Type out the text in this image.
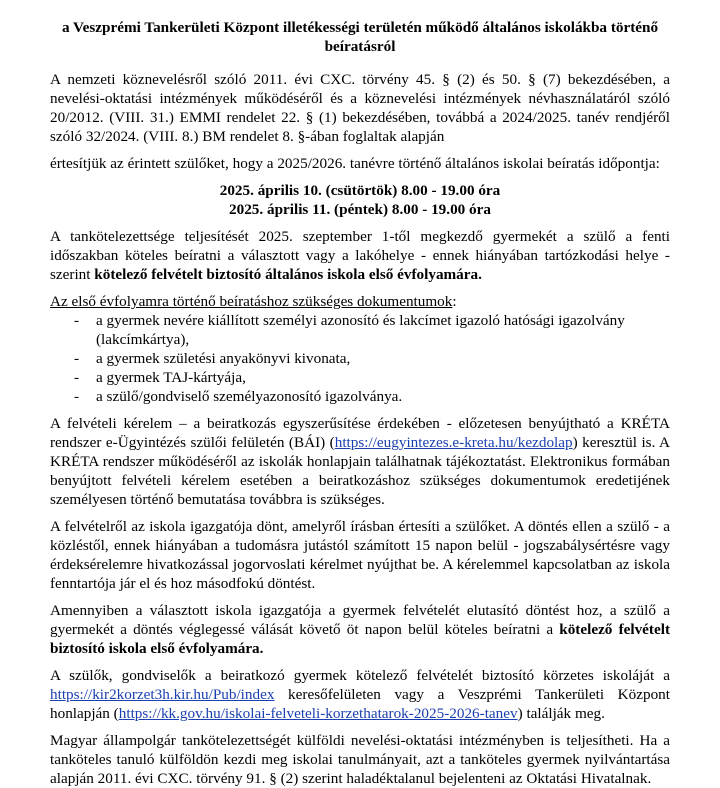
a Veszprémi Tankerületi Központ illetékességi területén működő általános iskolákba történő beíratásról

A nemzeti köznevelésről szóló 2011. évi CXC. törvény 45. § (2) és 50. § (7) bekezdésében, a nevelési-oktatási intézmények működéséről és a köznevelési intézmények névhasználatáról szóló 20/2012. (VIII. 31.) EMMI rendelet 22. § (1) bekezdésében, továbbá a 2024/2025. tanév rendjéről szóló 32/2024. (VIII. 8.) BM rendelet 8. §-ában foglaltak alapján

értesítjük az érintett szülőket, hogy a 2025/2026. tanévre történő általános iskolai beíratás időpontja:

2025. április 10. (csütörtök) 8.00 - 19.00 óra
2025. április 11. (péntek) 8.00 - 19.00 óra

A tankötelezettsége teljesítését 2025. szeptember 1-től megkezdő gyermekét a szülő a fenti időszakban köteles beíratni a választott vagy a lakóhelye - ennek hiányában tartózkodási helye - szerint kötelező felvételt biztosító általános iskola első évfolyamára.

Az első évfolyamra történő beíratáshoz szükséges dokumentumok:
- a gyermek nevére kiállított személyi azonosító és lakcímet igazoló hatósági igazolvány (lakcímkártya),
- a gyermek születési anyakönyvi kivonata,
- a gyermek TAJ-kártyája,
- a szülő/gondviselő személyazonosító igazolványa.

A felvételi kérelem – a beiratkozás egyszerűsítése érdekében - előzetesen benyújtható a KRÉTA rendszer e-Ügyintézés szülői felületén (BÁI) (https://eugyintezes.e-kreta.hu/kezdolap) keresztül is. A KRÉTA rendszer működéséről az iskolák honlapjain találhatnak tájékoztatást. Elektronikus formában benyújtott felvételi kérelem esetében a beiratkozáshoz szükséges dokumentumok eredetijének személyesen történő bemutatása továbbra is szükséges.

A felvételről az iskola igazgatója dönt, amelyről írásban értesíti a szülőket. A döntés ellen a szülő - a közléstől, ennek hiányában a tudomásra jutástól számított 15 napon belül - jogszabálysértésre vagy érdeksérelemre hivatkozással jogorvoslati kérelmet nyújthat be. A kérelemmel kapcsolatban az iskola fenntartója jár el és hoz másodfokú döntést.

Amennyiben a választott iskola igazgatója a gyermek felvételét elutasító döntést hoz, a szülő a gyermekét a döntés véglegessé válását követő öt napon belül köteles beíratni a kötelező felvételt biztosító iskola első évfolyamára.

A szülők, gondviselők a beiratkozó gyermek kötelező felvételét biztosító körzetes iskoláját a https://kir2korzet3h.kir.hu/Pub/index keresőfelületen vagy a Veszprémi Tankerületi Központ honlapján (https://kk.gov.hu/iskolai-felveteli-korzethatarok-2025-2026-tanev) találják meg.

Magyar állampolgár tankötelezettségét külföldi nevelési-oktatási intézményben is teljesítheti. Ha a tanköteles tanuló külföldön kezdi meg iskolai tanulmányait, azt a tanköteles gyermek nyilvántartása alapján 2011. évi CXC. törvény 91. § (2) szerint haladéktalanul bejelenteni az Oktatási Hivatalnak.
